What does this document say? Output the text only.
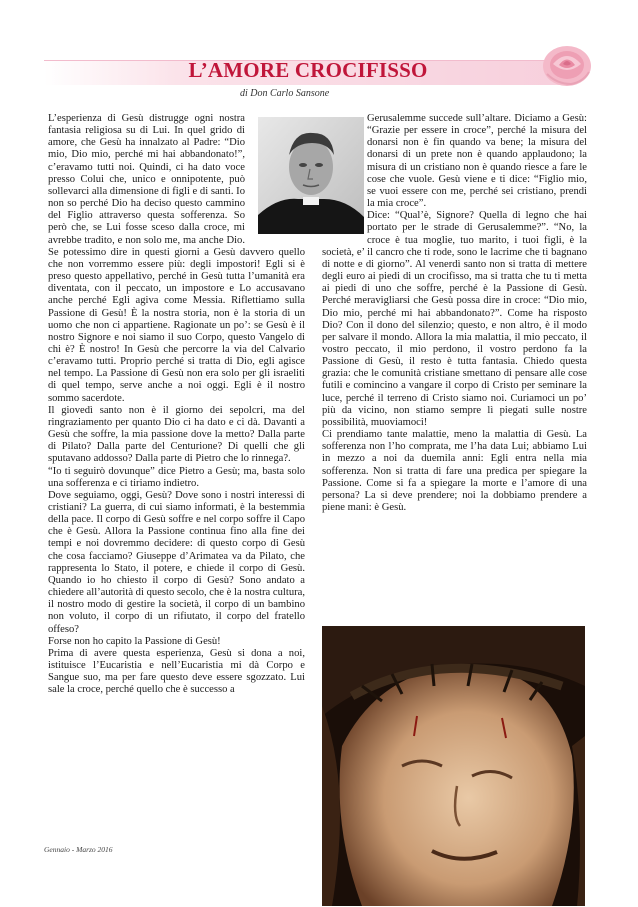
L’AMORE CROCIFISSO
di Don Carlo Sansone

L’esperienza di Gesù distrugge ogni nostra fantasia religiosa su di Lui. In quel grido di amore, che Gesù ha innalzato al Padre: “Dio mio, Dio mio, perché mi hai abbandonato!”, c’eravamo tutti noi. Quindi, ci ha dato voce presso Colui che, unico e onnipotente, può sollevarci alla dimensione di figli e di santi. Io non so perché Dio ha deciso questo cammino del Figlio attraverso questa sofferenza. So però che, se Lui fosse sceso dalla croce, mi avrebbe tradito, e non solo me, ma anche Dio. Se potessimo dire in questi giorni a Gesù davvero quello che non vorremmo essere più: degli impostori! Egli si è preso questo appellativo, perché in Gesù tutta l’umanità era diventata, con il peccato, un impostore e Lo accusavano anche perché Egli agiva come Messia. Riflettiamo sulla Passione di Gesù! È la nostra storia, non è la storia di un uomo che non ci appartiene. Ragionate un po’: se Gesù è il nostro Signore e noi siamo il suo Corpo, questo Vangelo di chi è? È nostro! In Gesù che percorre la via del Calvario c’eravamo tutti. Proprio perché si tratta di Dio, egli agisce nel tempo. La Passione di Gesù non era solo per gli israeliti di quel tempo, serve anche a noi oggi. Egli è il nostro sommo sacerdote.

Il giovedì santo non è il giorno dei sepolcri, ma del ringraziamento per quanto Dio ci ha dato e ci dà. Davanti a Gesù che soffre, la mia passione dove la metto? Dalla parte di Pilato? Dalla parte del Centurione? Di quelli che gli sputavano addosso? Dalla parte di Pietro che lo rinnega?.

“Io ti seguirò dovunque” dice Pietro a Gesù; ma, basta solo una sofferenza e ci tiriamo indietro.

Dove seguiamo, oggi, Gesù? Dove sono i nostri interessi di cristiani? La guerra, di cui siamo informati, è la bestemmia della pace. Il corpo di Gesù soffre e nel corpo soffre il Capo che è Gesù. Allora la Passione continua fino alla fine dei tempi e noi dovremmo decidere: di questo corpo di Gesù che cosa facciamo? Giuseppe d’Arimatea va da Pilato, che rappresenta lo Stato, il potere, e chiede il corpo di Gesù. Quando io ho chiesto il corpo di Gesù? Sono andato a chiedere all’autorità di questo secolo, che è la nostra cultura, il nostro modo di gestire la società, il corpo di un bambino non voluto, il corpo di un rifiutato, il corpo del fratello offeso?

Forse non ho capito la Passione di Gesù!

Prima di avere questa esperienza, Gesù si dona a noi, istituisce l’Eucaristia e nell’Eucaristia mi dà Corpo e Sangue suo, ma per fare questo deve essere sgozzato. Lui sale la croce, perché quello che è successo a

Gerusalemme succede sull’altare. Diciamo a Gesù: “Grazie per essere in croce”, perché la misura del donarsi non è fin quando va bene; la misura del donarsi di un prete non è quando applaudono; la misura di un cristiano non è quando riesce a fare le cose che vuole. Gesù viene e ti dice: “Figlio mio, se vuoi essere con me, perché sei cristiano, prendi la mia croce”.

Dice: “Qual’è, Signore? Quella di legno che hai portato per le strade di Gerusalemme?”. “No, la croce è tua moglie, tuo marito, i tuoi figli, è la società, e’ il cancro che ti rode, sono le lacrime che ti bagnano di notte e di giorno”. Al venerdì santo non si tratta di mettere degli euro ai piedi di un crocifisso, ma si tratta che tu ti metta ai piedi di uno che soffre, perché è la Passione di Gesù. Perché meravigliarsi che Gesù possa dire in croce: “Dio mio, Dio mio, perché mi hai abbandonato?”. Come ha risposto Dio? Con il dono del silenzio; questo, e non altro, è il modo per salvare il mondo. Allora la mia malattia, il mio peccato, il vostro peccato, il mio perdono, il vostro perdono fa la Passione di Gesù, il resto è tutta fantasia. Chiedo questa grazia: che le comunità cristiane smettano di pensare alle cose futili e comincino a vangare il corpo di Cristo per seminare la luce, perché il terreno di Cristo siamo noi. Curiamoci un po’ più da vicino, non stiamo sempre lì piegati sulle nostre possibilità, muoviamoci!

Ci prendiamo tante malattie, meno la malattia di Gesù. La sofferenza non l’ho comprata, me l’ha data Lui; abbiamo Lui in mezzo a noi da duemila anni: Egli entra nella mia sofferenza. Non si tratta di fare una predica per spiegare la Passione. Come si fa a spiegare la morte e l’amore di una persona? La si deve prendere; noi la dobbiamo prendere a piene mani: è Gesù.

Gennaio - Marzo 2016
